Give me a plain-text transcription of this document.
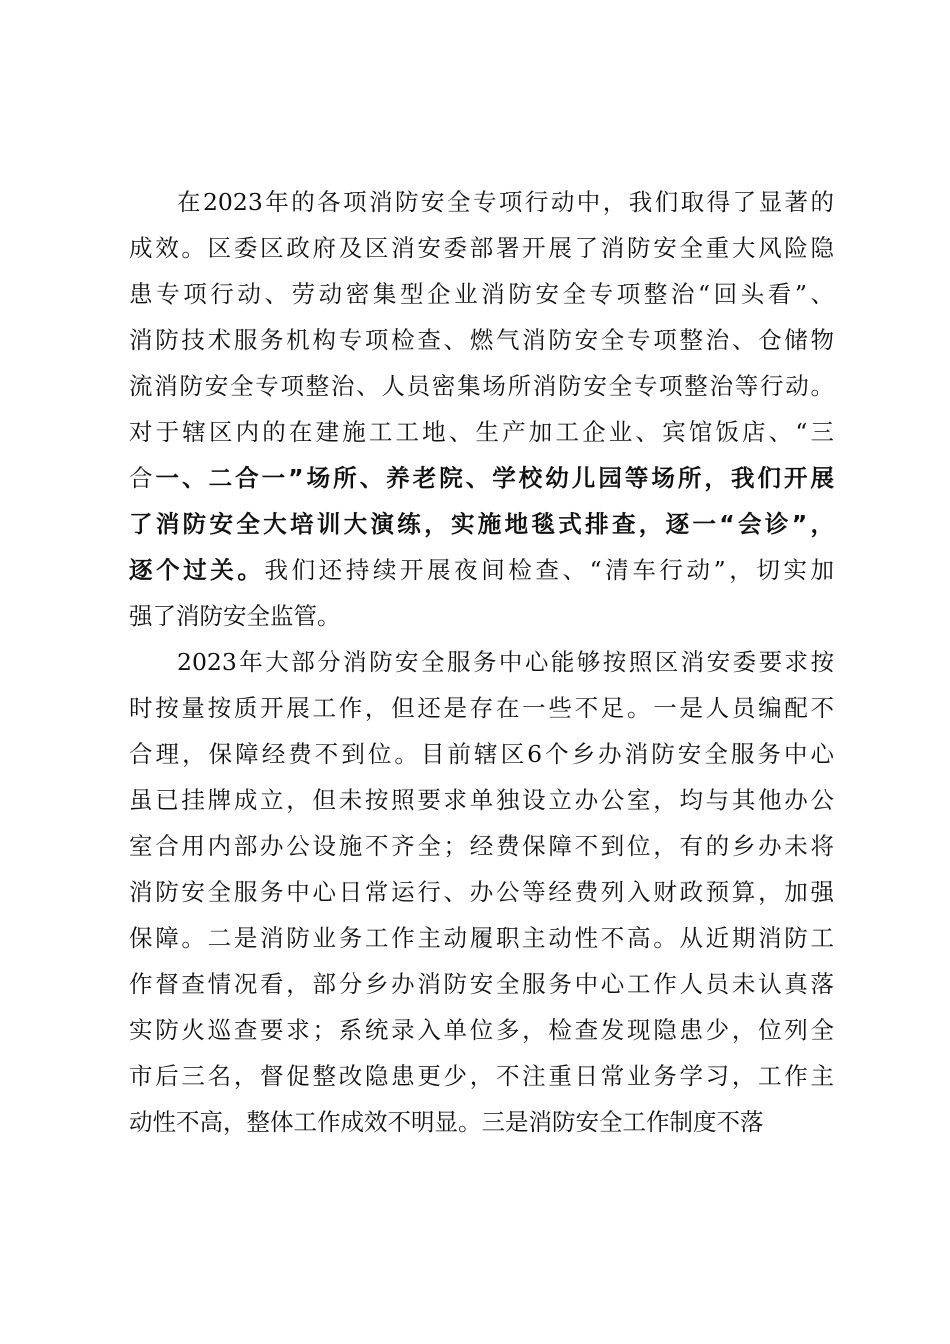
在2023年的各项消防安全专项行动中，我们取得了显著的
成效。区委区政府及区消安委部署开展了消防安全重大风险隐
患专项行动、劳动密集型企业消防安全专项整治“回头看”、
消防技术服务机构专项检查、燃气消防安全专项整治、仓储物
流消防安全专项整治、人员密集场所消防安全专项整治等行动。
对于辖区内的在建施工工地、生产加工企业、宾馆饭店、“三
合一、二合一”场所、养老院、学校幼儿园等场所，我们开展
了消防安全大培训大演练，实施地毯式排查，逐一“会诊”，
逐个过关。我们还持续开展夜间检查、“清车行动”，切实加
强了消防安全监管。
2023年大部分消防安全服务中心能够按照区消安委要求按
时按量按质开展工作，但还是存在一些不足。一是人员编配不
合理，保障经费不到位。目前辖区6个乡办消防安全服务中心
虽已挂牌成立，但未按照要求单独设立办公室，均与其他办公
室合用内部办公设施不齐全；经费保障不到位，有的乡办未将
消防安全服务中心日常运行、办公等经费列入财政预算，加强
保障。二是消防业务工作主动履职主动性不高。从近期消防工
作督查情况看，部分乡办消防安全服务中心工作人员未认真落
实防火巡查要求；系统录入单位多，检查发现隐患少，位列全
市后三名，督促整改隐患更少，不注重日常业务学习，工作主
动性不高，整体工作成效不明显。三是消防安全工作制度不落
